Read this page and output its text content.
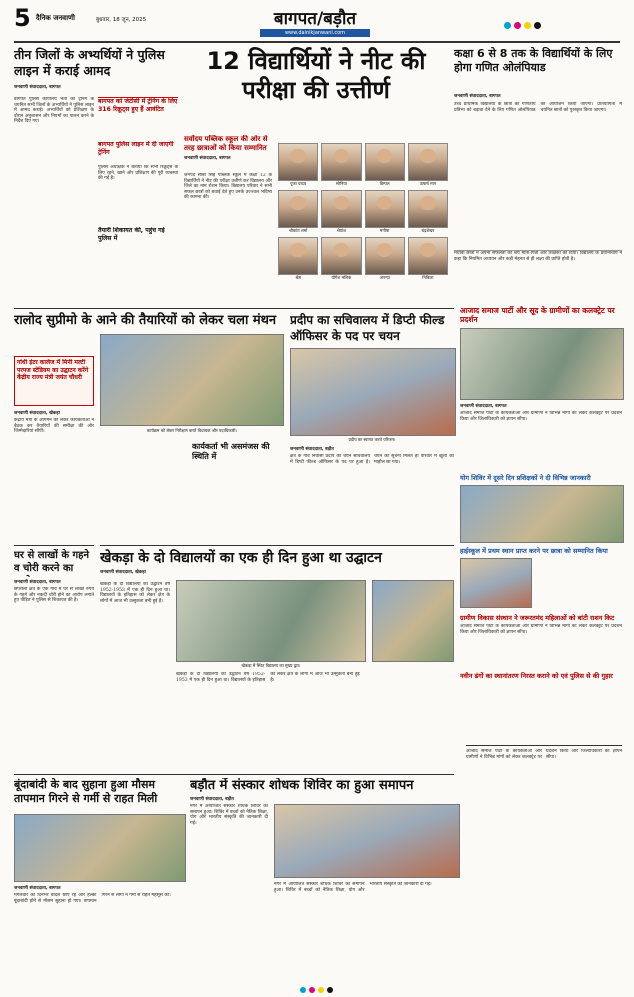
5 दैनिक जनवाणी	बुधवार, 18 जून, 2025	बागपत/बड़ौत
www.dainikjanwani.com
तीन जिलों के अभ्यर्थियों ने पुलिस लाइन में कराई आमद
जनवाणी संवाददाता, बागपत
बागपत पुलिस कार्यालय भर्ती की ट्रेनिंग के चयनित सभी जिलों के अभ्यर्थियों ने पुलिस लाइन में आमद कराई। अभ्यर्थियों को प्रशिक्षण के दौरान अनुशासन और नियमों का पालन करने के निर्देश दिए गए।
बागपत को जेटीसी में ट्रेनिंग के लिए 316 रिक्रूट्स हुए हैं आवंटित
बागपत पुलिस लाइन में दी जाएगी ट्रेनिंग
पुलिस अधीक्षक ने बताया कि सभी रिक्रूट्स के लिए रहने, खाने और प्रशिक्षण की पूरी व्यवस्था की गई है।
तैयारी शिकायत की, पहुंच गई पुलिस में
12 विद्यार्थियों ने नीट की परीक्षा की उत्तीर्ण
सर्वोदय पब्लिक स्कूल की ओर से तरह छात्राओं को किया सम्मानित
जनवाणी संवाददाता, बागपत
जनपद सीबी सिंह पब्लिक स्कूल में कक्षा 12 के विद्यार्थियों ने नीट की परीक्षा उत्तीर्ण कर विद्यालय और जिले का नाम रोशन किया। विद्यालय परिवार ने सभी सफल छात्रों को बधाई देते हुए उनके उज्ज्वल भविष्य की कामना की।
पूजा यादव	सोनिया	डिम्पल	उत्कर्ष मान
श्रीकांत शर्मा	श्रेयांश	मनीषा	चंद्रशेखर
श्रेष्ठ	योगेश मलिक	अनन्या	निकिता
कक्षा 6 से 8 तक के विद्यार्थियों के लिए होगा गणित ओलंपियाड
जनवाणी संवाददाता, बागपत
उच्च प्राथमिक विद्यालयों के छात्रों की गणितीय प्रतिभा को बढ़ावा देने के लिए गणित ओलंपियाड का आयोजन किया जाएगा। प्रतियोगिता में चयनित छात्रों को पुरस्कृत किया जाएगा।
मेधावी छात्रों ने अपनी सफलता का श्रेय माता-पिता और शिक्षकों को दिया। विद्यालय के प्रधानाचार्य ने कहा कि नियमित अध्ययन और कड़ी मेहनत से ही लक्ष्य की प्राप्ति होती है।
रालोद सुप्रीमो के आने की तैयारियों को लेकर चला मंथन
गांधी इंटर कालेज में मिनी मल्टी परपज स्टेडियम का उद्घाटन करेंगे केंद्रीय राज्य मंत्री जयंत चौधरी
जनवाणी संवाददाता, खेकड़ा
केंद्रीय मंत्री के आगमन को लेकर कार्यकर्ताओं ने बैठक कर तैयारियों की समीक्षा की और जिम्मेदारियां सौंपीं।	कार्यक्रम को लेकर निरीक्षण करते विधायक और पदाधिकारी।
कार्यकर्ता भी असमंजस की स्थिति में
प्रदीप का सचिवालय में डिप्टी फील्ड ऑफिसर के पद पर चयन
प्रदीप का स्वागत करते परिजन।
जनवाणी संवाददाता, बड़ौत
क्षेत्र के गांव निवासी प्रदीप का चयन सचिवालय में डिप्टी फील्ड ऑफिसर के पद पर हुआ है। चयन की सूचना मिलते ही परिवार में खुशी का माहौल छा गया।
आजाद समाज पार्टी और सूद के ग्रामीणों का कलक्ट्रेट पर प्रदर्शन
जनवाणी संवाददाता, बागपत
आजाद समाज पार्टी के कार्यकर्ताओं और ग्रामीणों ने विभिन्न मांगों को लेकर कलक्ट्रेट पर प्रदर्शन किया और जिलाधिकारी को ज्ञापन सौंपा।
योग शिविर में दूसरे दिन प्रशिक्षकों ने दी विभिन्न जानकारी
हाईस्कूल में प्रथम स्थान प्राप्त करने पर छात्रा को सम्मानित किया
ग्रामीण विकास संस्थान ने जरूरतमंद महिलाओं को बांटी राशन किट
आजाद समाज पार्टी के कार्यकर्ताओं और ग्रामीणों ने विभिन्न मांगों को लेकर कलक्ट्रेट पर प्रदर्शन किया और जिलाधिकारी को ज्ञापन सौंपा।
नवीन ढंगों का स्थानांतरण निरस्त कराने को एवं पुलिस से की गुहार
घर से लाखों के गहने व चोरी करने का
जनवाणी संवाददाता, बागपत
छपरौली क्षेत्र के एक गांव में घर से लाखों रुपये के गहने और नकदी चोरी होने का आरोप लगाते हुए पीड़ित ने पुलिस से शिकायत की है।
खेकड़ा के दो विद्यालयों का एक ही दिन हुआ था उद्घाटन
जनवाणी संवाददाता, खेकड़ा
खेकड़ा के दो विद्यालयों का उद्घाटन वर्ष 1952-1953 में एक ही दिन हुआ था। विद्यालयों के इतिहास को लेकर क्षेत्र के लोगों में आज भी उत्सुकता बनी हुई है।
खेकड़ा में स्थित विद्यालय का मुख्य द्वार।
खेकड़ा के दो विद्यालयों का उद्घाटन वर्ष 1952-1953 में एक ही दिन हुआ था। विद्यालयों के इतिहास को लेकर क्षेत्र के लोगों में आज भी उत्सुकता बनी हुई है।
बूंदाबांदी के बाद सुहाना हुआ मौसम तापमान गिरने से गर्मी से राहत मिली
जनवाणी संवाददाता, बागपत
मंगलवार को दिनभर बादल छाए रहे और हल्की बूंदाबांदी होने से मौसम सुहाना हो गया। तापमान गिरने से लोगों ने गर्मी से राहत महसूस की।
बड़ौत में संस्कार शोधक शिविर का हुआ समापन
जनवाणी संवाददाता, बड़ौत
नगर में आयोजित संस्कार शोधक शिविर का समापन हुआ। शिविर में बच्चों को नैतिक शिक्षा, योग और भारतीय संस्कृति की जानकारी दी गई।
नगर में आयोजित संस्कार शोधक शिविर का समापन हुआ। शिविर में बच्चों को नैतिक शिक्षा, योग और भारतीय संस्कृति की जानकारी दी गई।
आजाद समाज पार्टी के कार्यकर्ताओं और ग्रामीणों ने विभिन्न मांगों को लेकर कलक्ट्रेट पर प्रदर्शन किया और जिलाधिकारी को ज्ञापन सौंपा।
